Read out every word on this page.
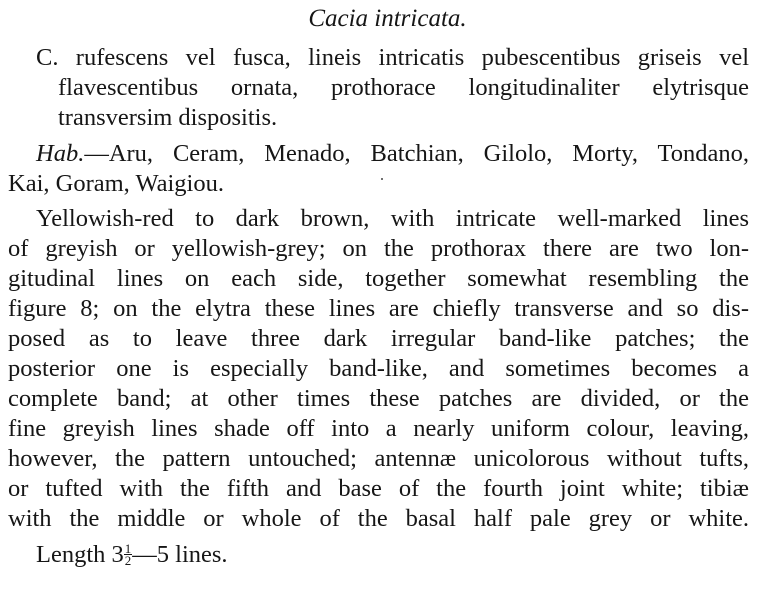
Cacia intricata.
C. rufescens vel fusca, lineis intricatis pubescentibus griseis vel
flavescentibus ornata, prothorace longitudinaliter elytrisque
transversim dispositis.
Hab.—Aru, Ceram, Menado, Batchian, Gilolo, Morty, Tondano,
Kai, Goram, Waigiou.
Yellowish-red to dark brown, with intricate well-marked lines
of greyish or yellowish-grey; on the prothorax there are two lon-
gitudinal lines on each side, together somewhat resembling the
figure 8; on the elytra these lines are chiefly transverse and so dis-
posed as to leave three dark irregular band-like patches; the
posterior one is especially band-like, and sometimes becomes a
complete band; at other times these patches are divided, or the
fine greyish lines shade off into a nearly uniform colour, leaving,
however, the pattern untouched; antennæ unicolorous without tufts,
or tufted with the fifth and base of the fourth joint white; tibiæ
with the middle or whole of the basal half pale grey or white.
Length $3 \frac{1}{2}$ —5 lines.
